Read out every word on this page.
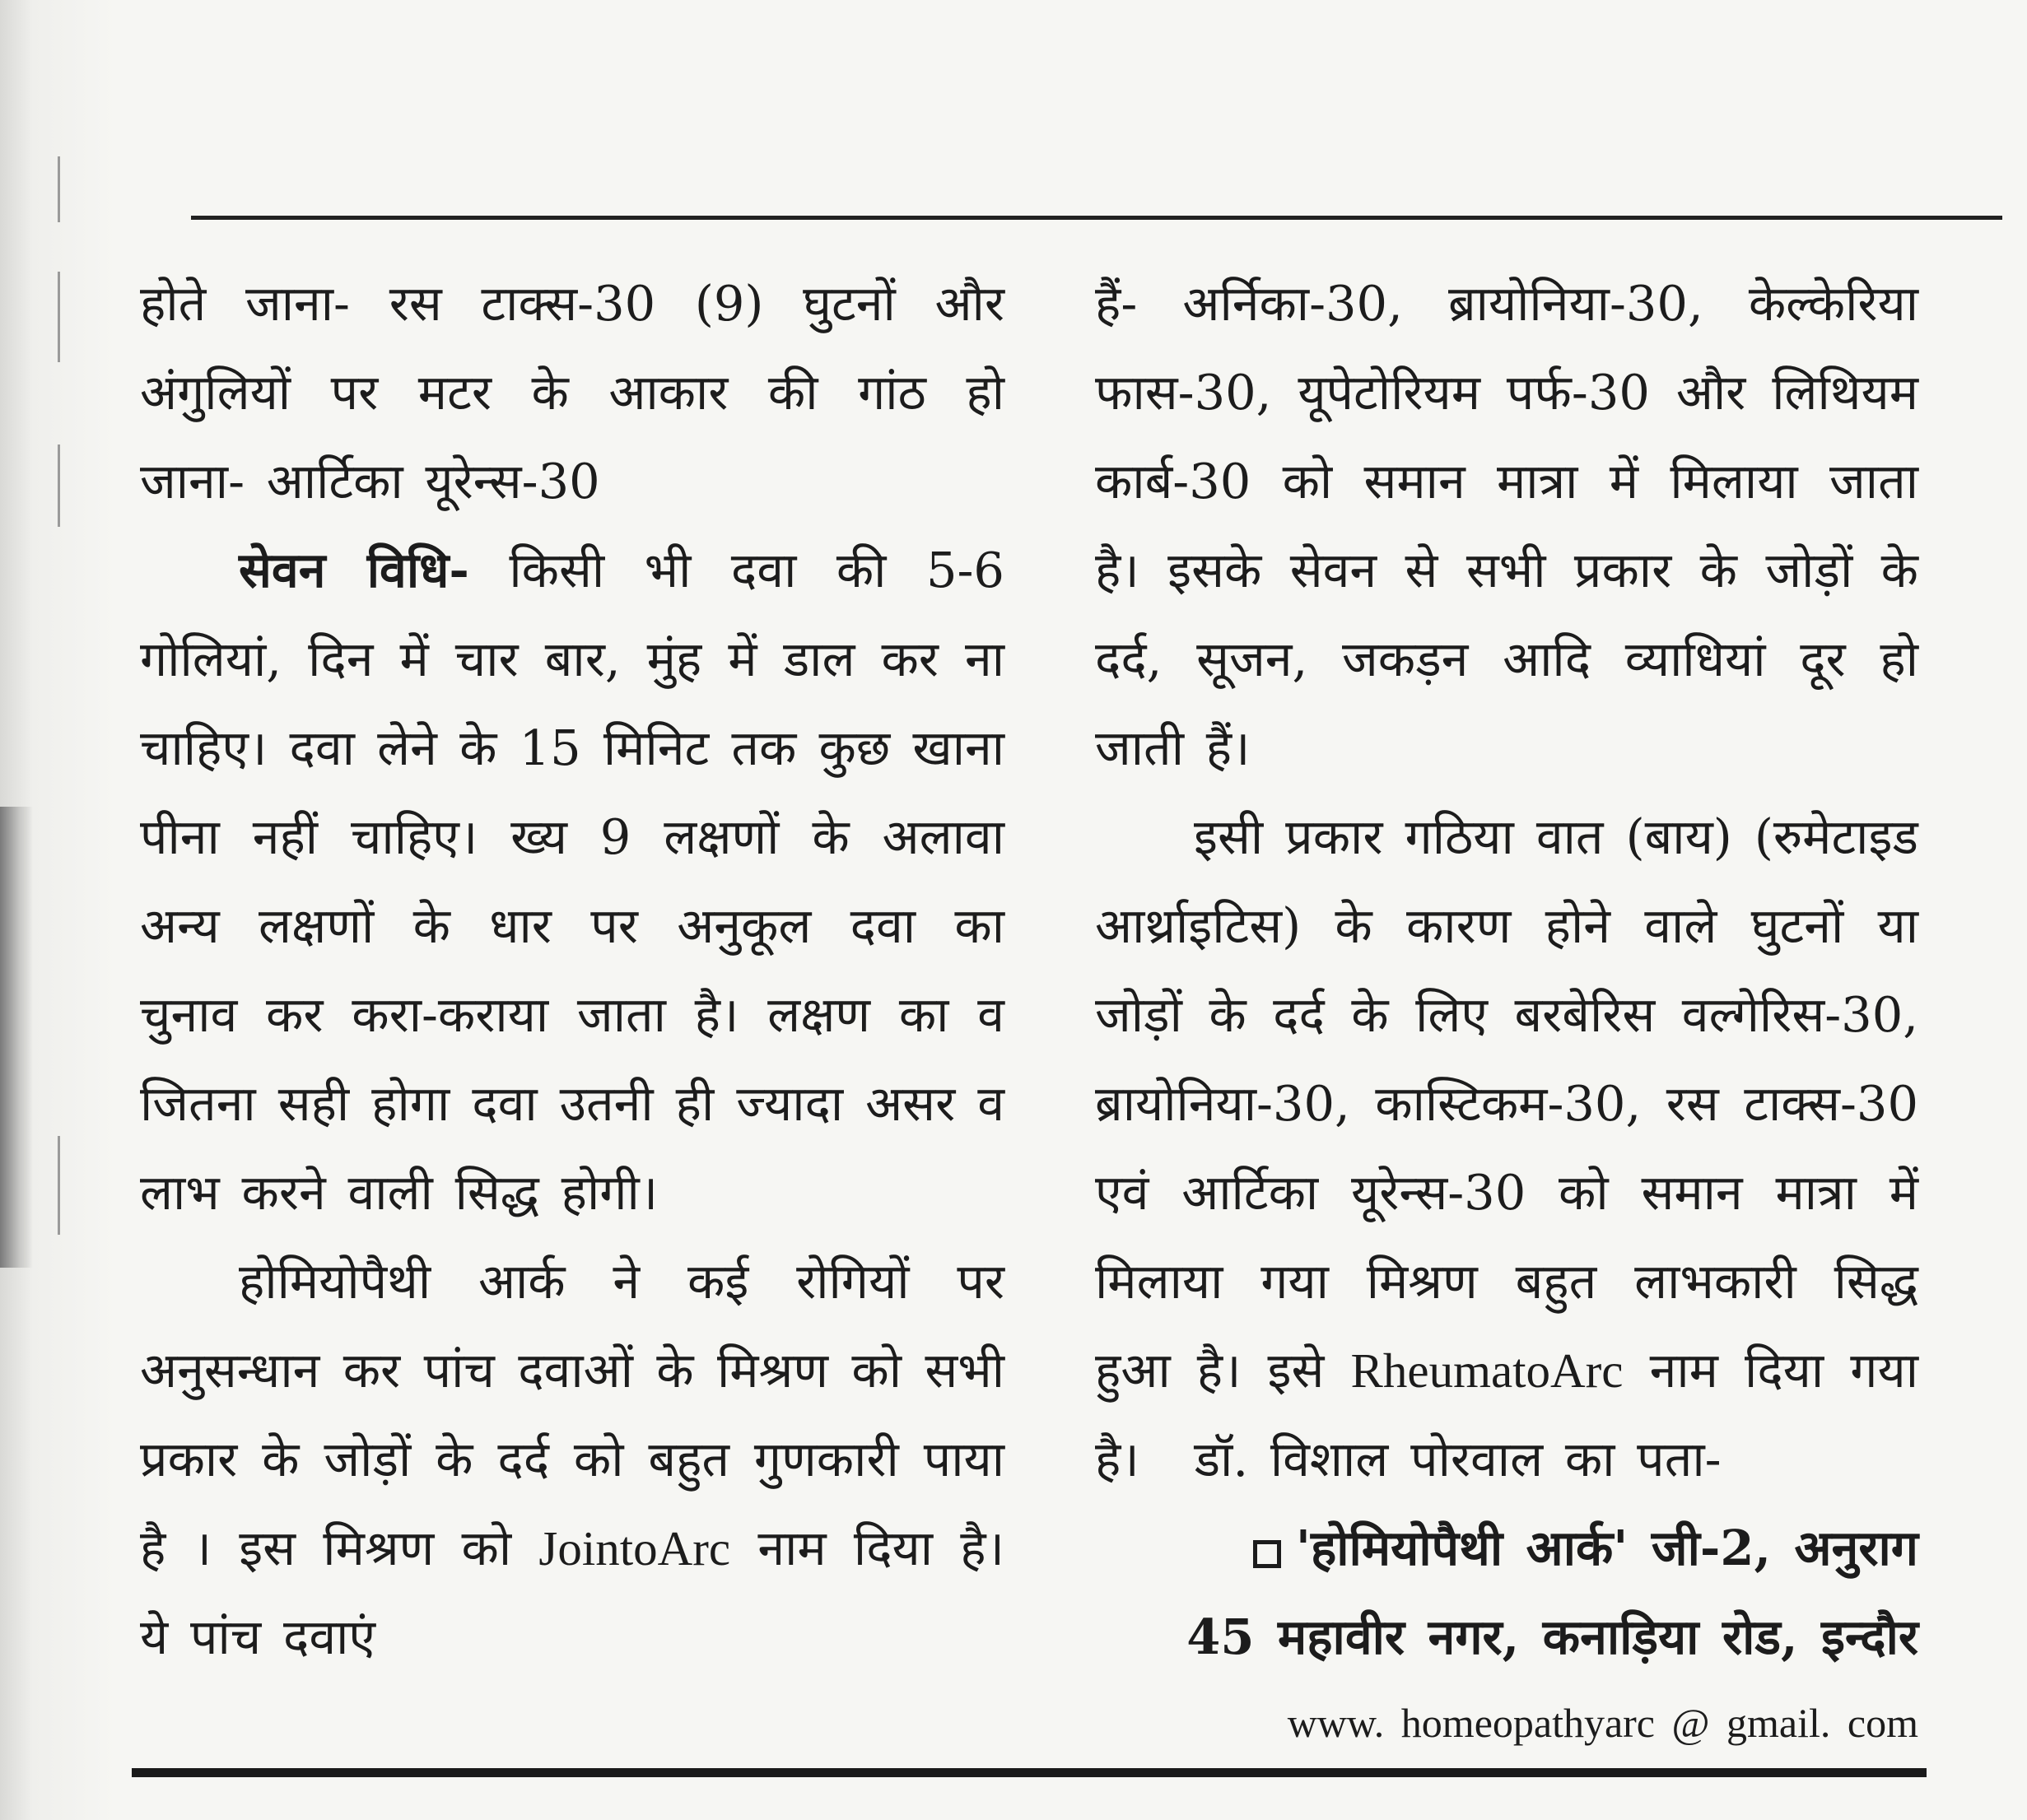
होते जाना- रस टाक्स-30 (9) घुटनों और अंगुलियों पर मटर के आकार की गांठ हो जाना- आर्टिका यूरेन्स-30

सेवन विधि- किसी भी दवा की 5-6 गोलियां, दिन में चार बार, मुंह में डाल कर ना चाहिए। दवा लेने के 15 मिनिट तक कुछ खाना पीना नहीं चाहिए। ख्य 9 लक्षणों के अलावा अन्य लक्षणों के धार पर अनुकूल दवा का चुनाव कर करा-कराया जाता है। लक्षण का व जितना सही होगा दवा उतनी ही ज्यादा असर व लाभ करने वाली सिद्ध होगी।

होमियोपैथी आर्क ने कई रोगियों पर अनुसन्धान कर पांच दवाओं के मिश्रण को सभी प्रकार के जोड़ों के दर्द को बहुत गुणकारी पाया है । इस मिश्रण को JointoArc नाम दिया है। ये पांच दवाएं

हैं- अर्निका-30, ब्रायोनिया-30, केल्केरिया फास-30, यूपेटोरियम पर्फ-30 और लिथियम कार्ब-30 को समान मात्रा में मिलाया जाता है। इसके सेवन से सभी प्रकार के जोड़ों के दर्द, सूजन, जकड़न आदि व्याधियां दूर हो जाती हैं।

इसी प्रकार गठिया वात (बाय) (रुमेटाइड आर्थ्राइटिस) के कारण होने वाले घुटनों या जोड़ों के दर्द के लिए बरबेरिस वल्गेरिस-30, ब्रायोनिया-30, कास्टिकम-30, रस टाक्स-30 एवं आर्टिका यूरेन्स-30 को समान मात्रा में मिलाया गया मिश्रण बहुत लाभकारी सिद्ध हुआ है। इसे RheumatoArc नाम दिया गया है। डॉ. विशाल पोरवाल का पता-

'होमियोपैथी आर्क' जी-2, अनुराग

45 महावीर नगर, कनाड़िया रोड, इन्दौर

www. homeopathyarc @ gmail. com
